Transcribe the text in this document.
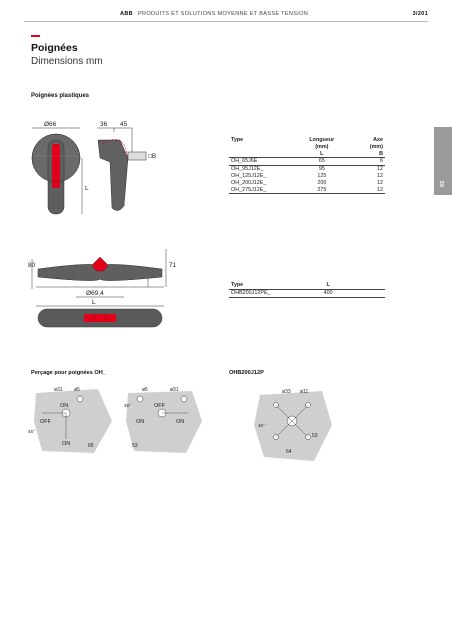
ABB PRODUITS ET SOLUTIONS MOYENNE ET BASSE TENSION	3/201
Poignées
Dimensions mm
Poignées plastiques
03
Ø66	36 45
L
□B
Type	Longueur	Axe
	(mm)	(mm)
	L	B
OH_65J6E	65	6
OH_95J12E_	95	12
OH_125J12E_	125	12
OH_200J12E_	200	12
OH_275J12E_	275	12
80	71
Ø69,4
L
Type	L	
OHB200J12PE_	400	
Perçage pour poignées OH_	OHB200J12P
ø31 ø5
ON
OFF
ON
45°
65
ø5	ø31
OFF
ON	ON
45°
53
ø33 ø11
45°
53
64
